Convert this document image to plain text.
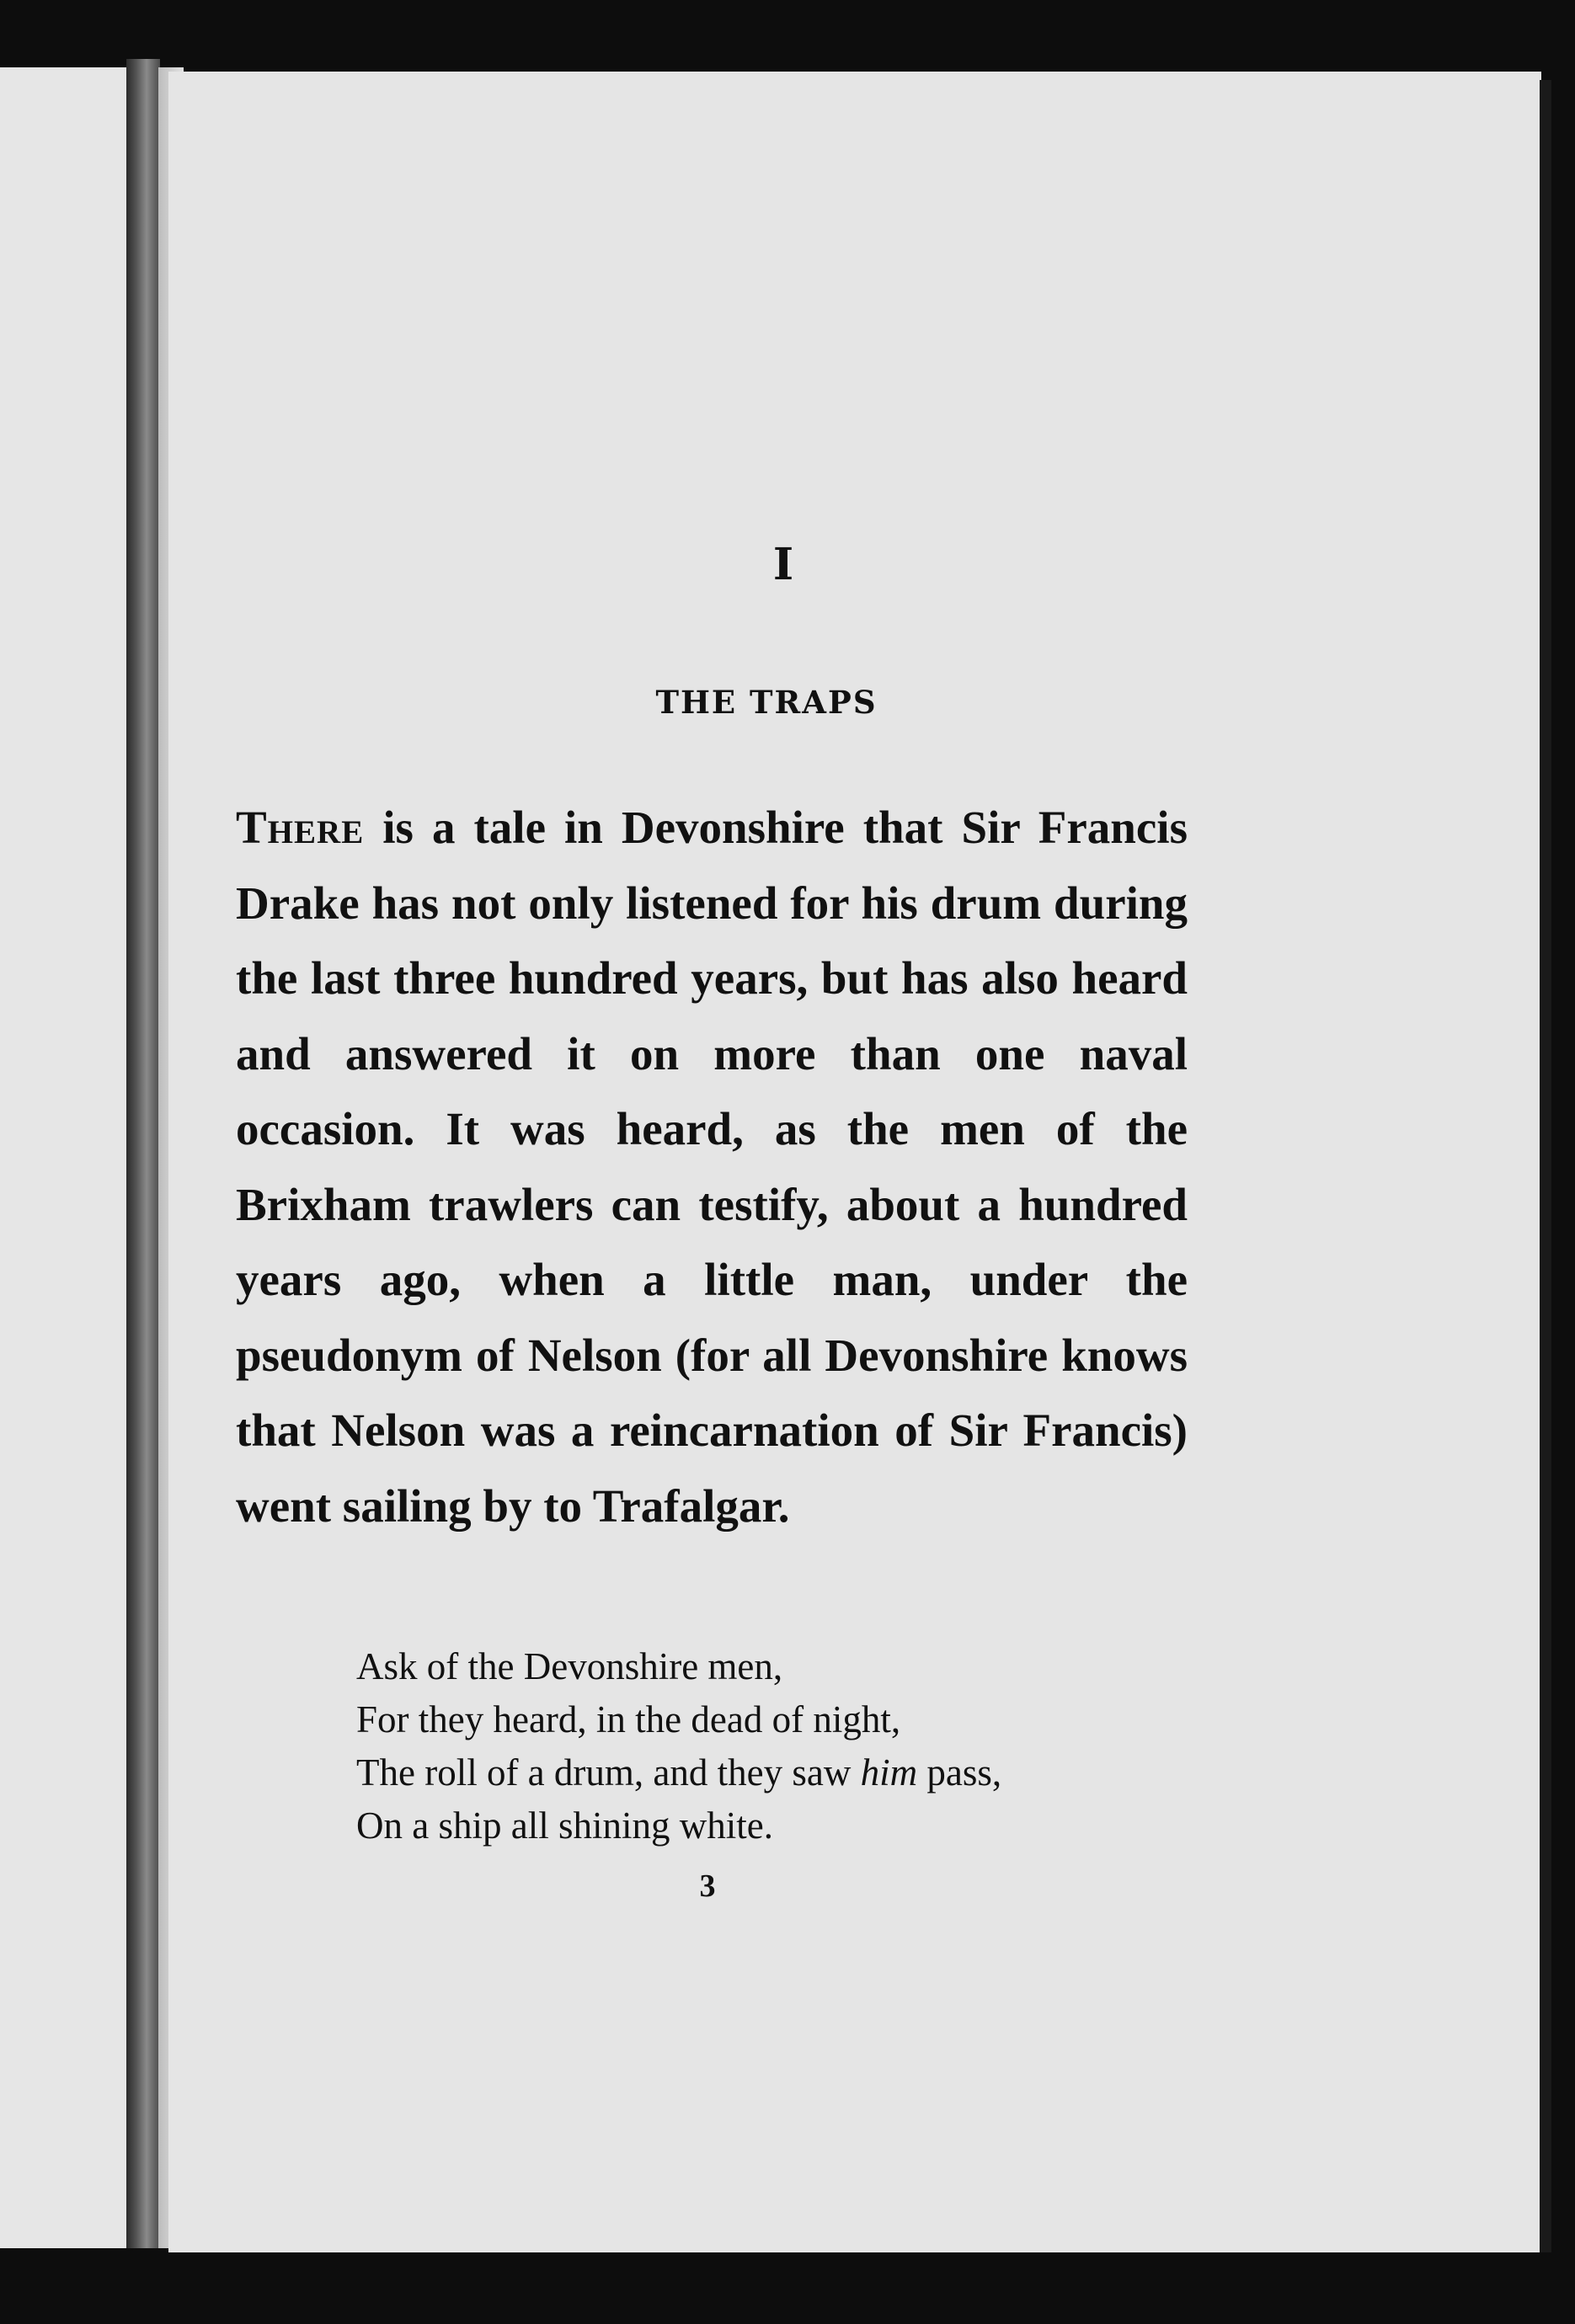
I
THE TRAPS
There is a tale in Devonshire that Sir Francis Drake has not only listened for his drum during the last three hundred years, but has also heard and answered it on more than one naval occasion. It was heard, as the men of the Brixham trawlers can testify, about a hundred years ago, when a little man, under the pseudonym of Nelson (for all Devonshire knows that Nelson was a reincarnation of Sir Francis) went sailing by to Trafalgar.
Ask of the Devonshire men,
For they heard, in the dead of night,
The roll of a drum, and they saw him pass,
On a ship all shining white.
3
